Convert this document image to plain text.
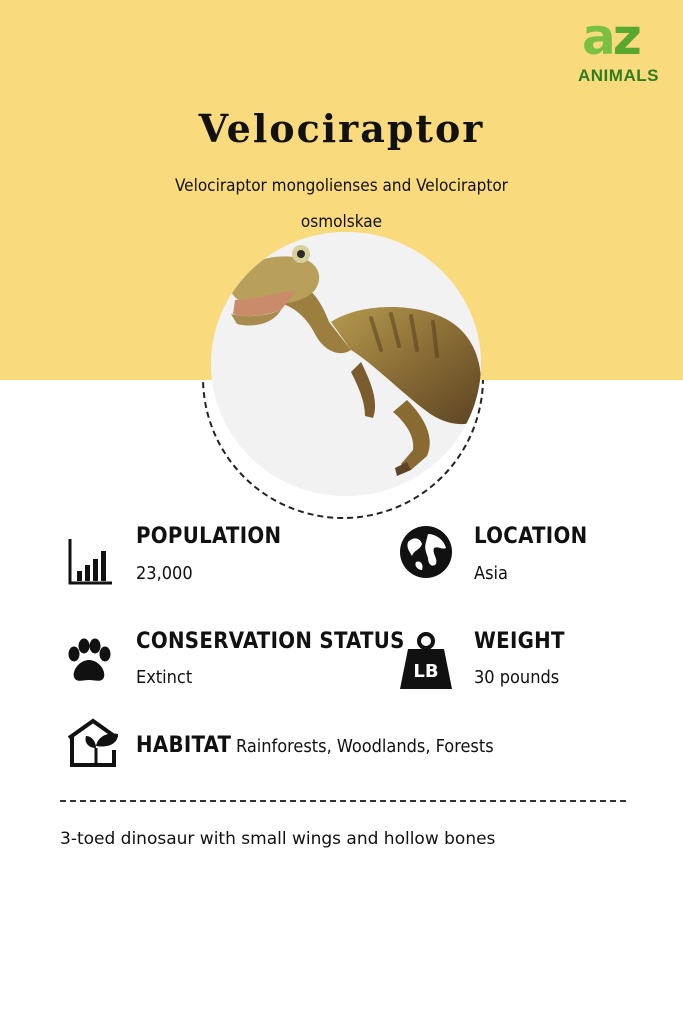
az
ANIMALS
Velociraptor
Velociraptor mongolienses and Velociraptor osmolskae
POPULATION
23,000
LOCATION
Asia
CONSERVATION STATUS
Extinct	LB
WEIGHT
30 pounds
HABITAT Rainforests, Woodlands, Forests
3-toed dinosaur with small wings and hollow bones
